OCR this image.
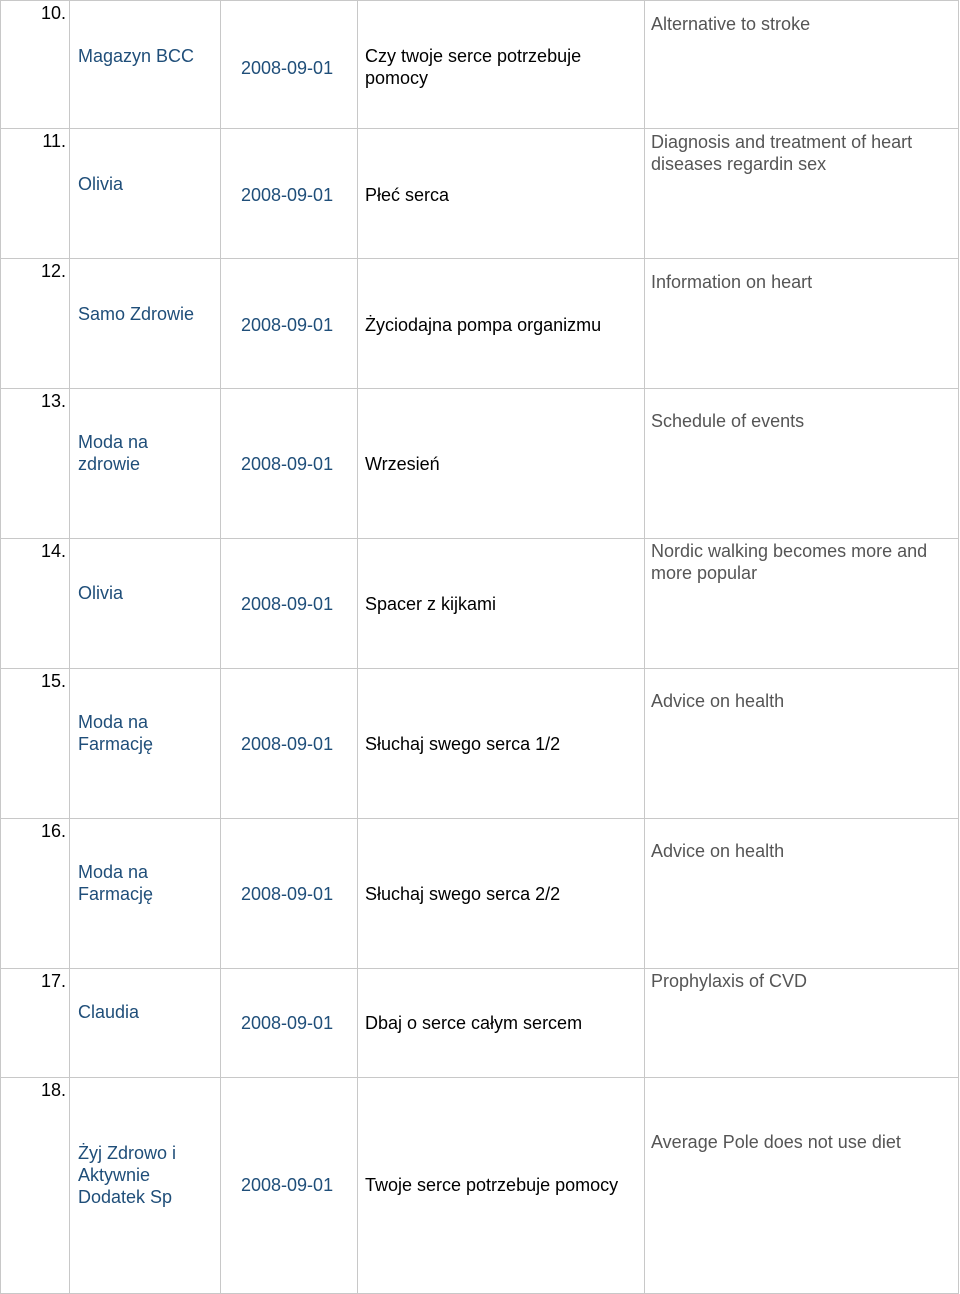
10.	Magazyn BCC	2008-09-01	Czy twoje serce potrzebuje pomocy	Alternative to stroke

11.	Olivia	2008-09-01	Płeć serca	Diagnosis and treatment of heart diseases regardin sex

12.	Samo Zdrowie	2008-09-01	Życiodajna pompa organizmu	Information on heart

13.	Moda na zdrowie	2008-09-01	Wrzesień	Schedule of events

14.	Olivia	2008-09-01	Spacer z kijkami	Nordic walking becomes more and more popular

15.	Moda na Farmację	2008-09-01	Słuchaj swego serca 1/2	Advice on health

16.	Moda na Farmację	2008-09-01	Słuchaj swego serca 2/2	Advice on health

17.	Claudia	2008-09-01	Dbaj o serce całym sercem	Prophylaxis of CVD

18.	Żyj Zdrowo i Aktywnie Dodatek Sp	2008-09-01	Twoje serce potrzebuje pomocy	Average Pole does not use diet
